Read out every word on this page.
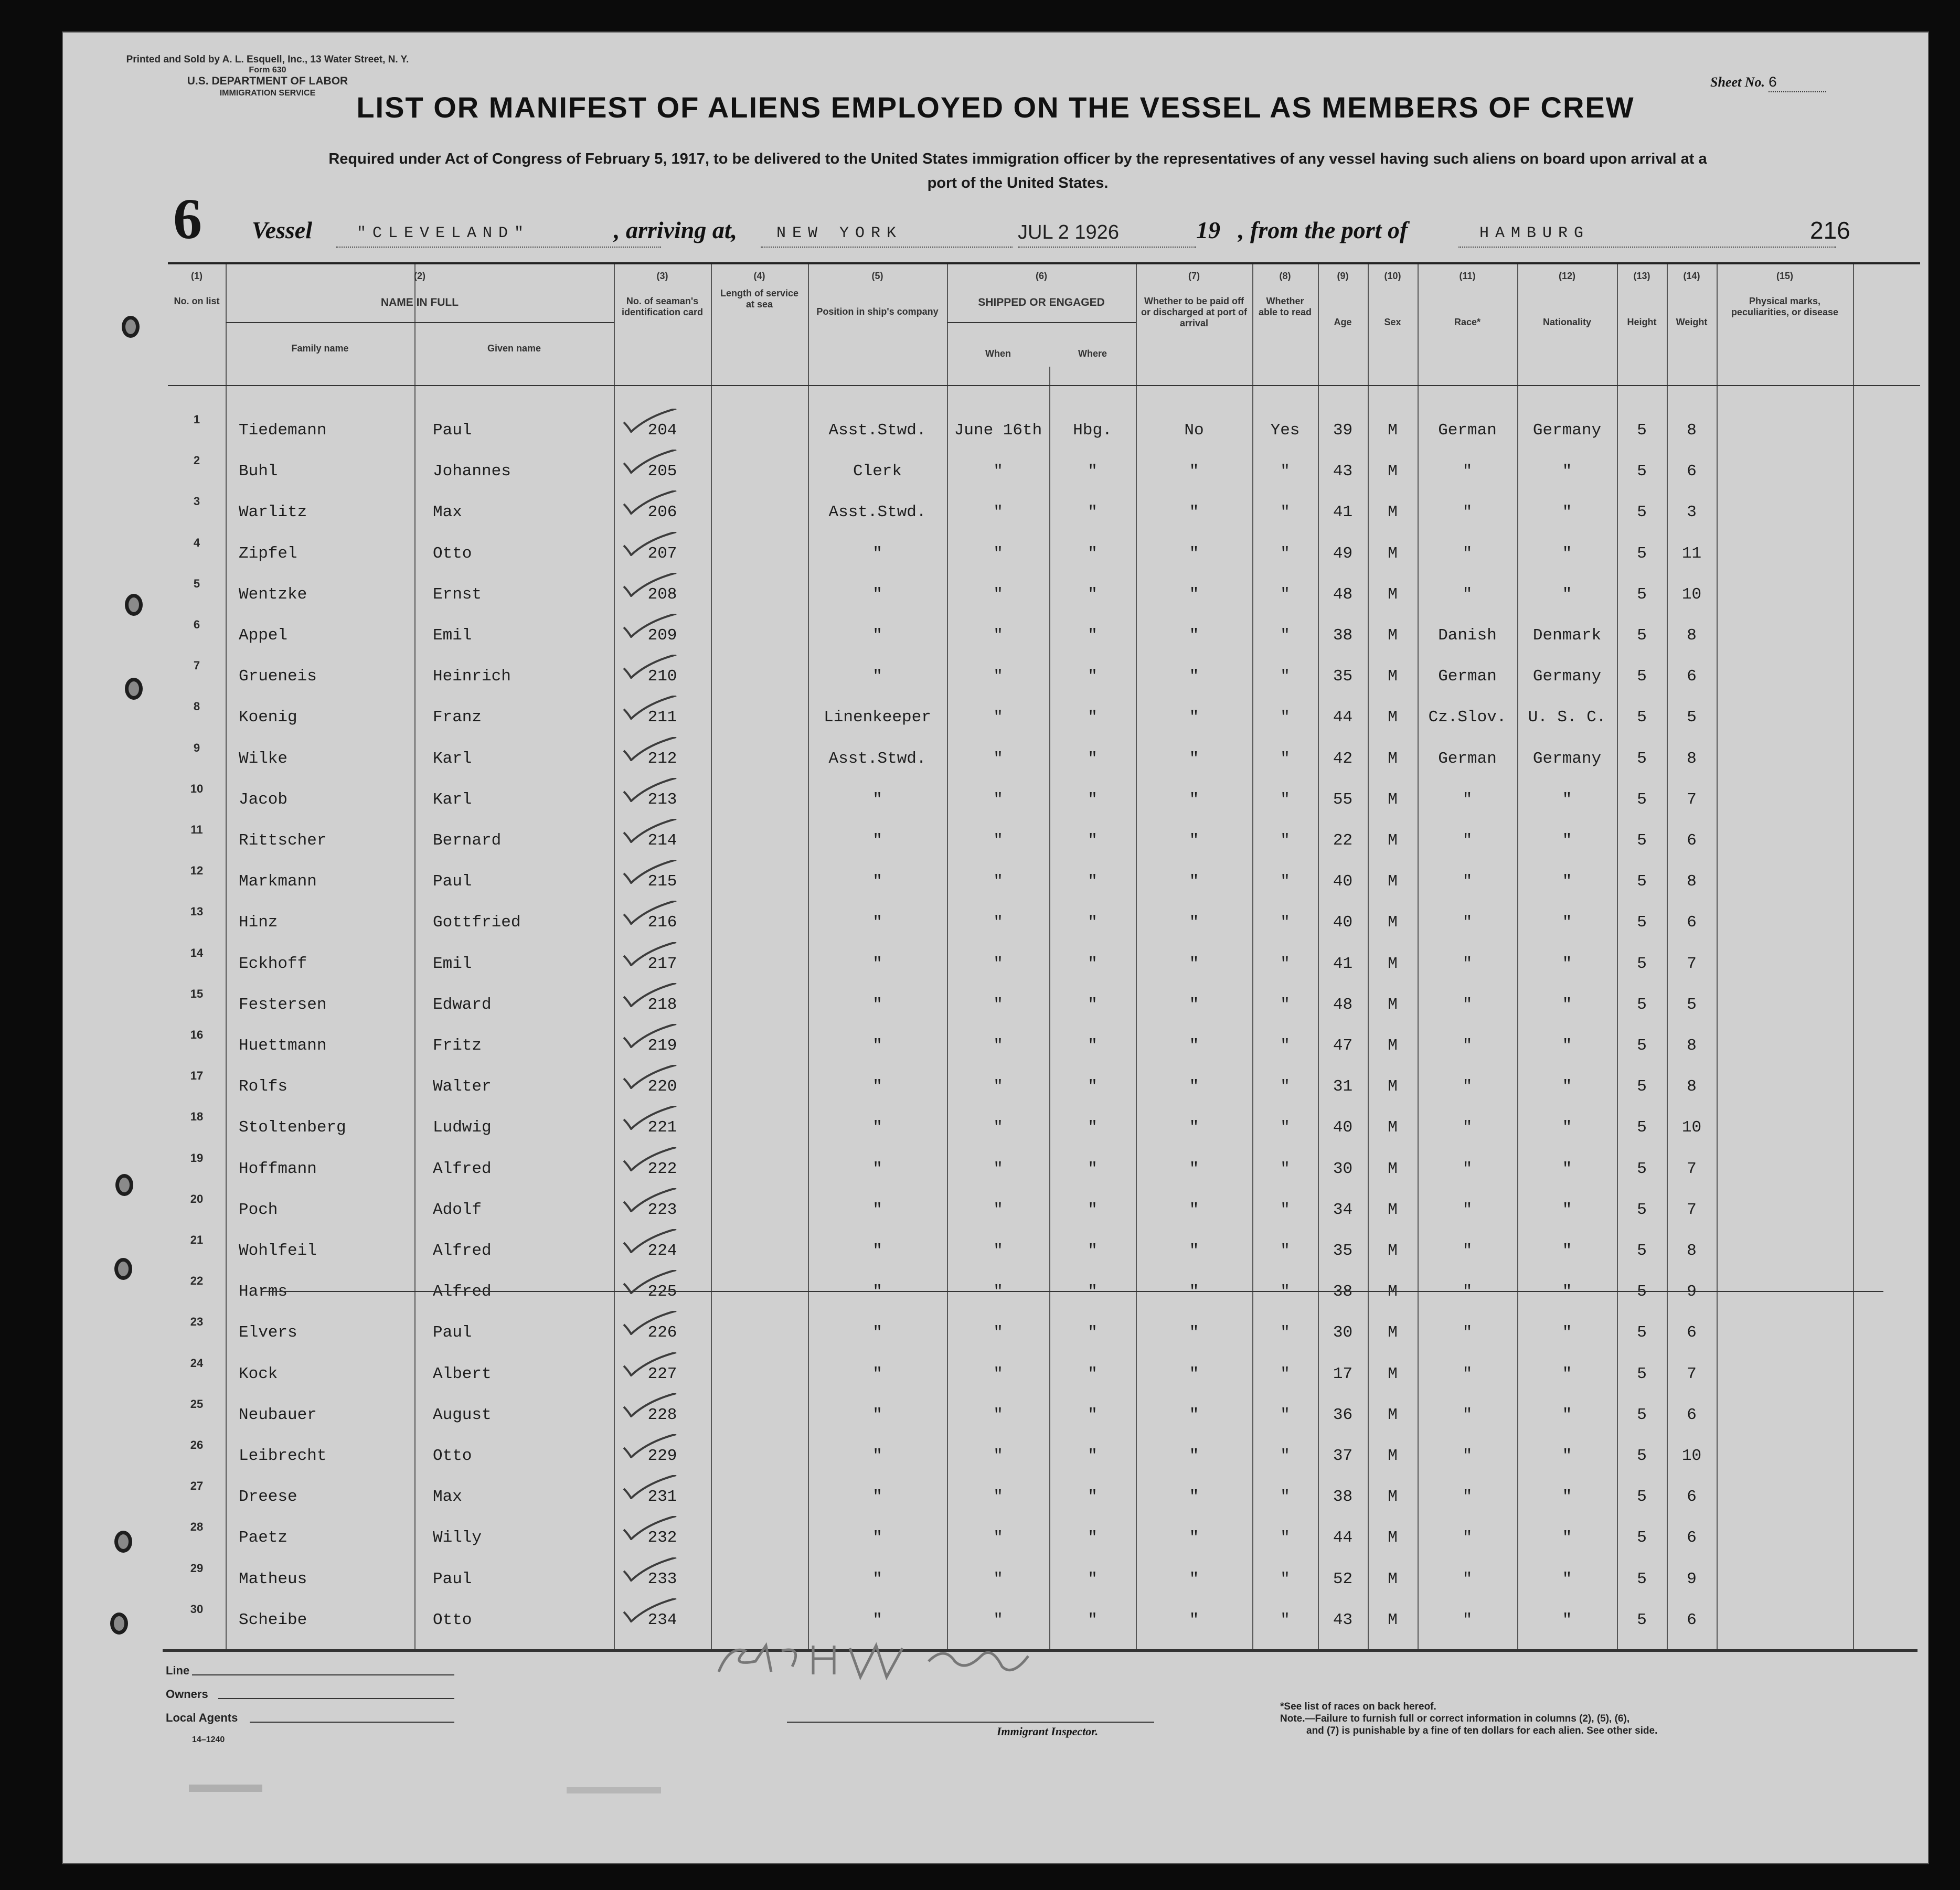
Printed and Sold by A. L. Esquell, Inc., 13 Water Street, N. Y.
Form 630
U.S. DEPARTMENT OF LABOR
IMMIGRATION SERVICE
Sheet No. 6
LIST OR MANIFEST OF ALIENS EMPLOYED ON THE VESSEL AS MEMBERS OF CREW
Required under Act of Congress of February 5, 1917, to be delivered to the United States immigration officer by the representatives of any vessel having such aliens on board upon arrival at a
port of the United States.
6 Vessel	"CLEVELAND"	, arriving at, NEW YORK	JUL 2 1926	19 , from the port of	HAMBURG	216
(1)	(2)	(3)	(4)	(5)	(6)	(7)	(8)	(9)	(10)	(11)	(12)	(13)	(14)	(15)
No. on list	NAME IN FULL
Family name	Given name
No. of seaman's identification card
Length of service at sea
Position in ship's company
SHIPPED OR ENGAGED
When	Where
Whether to be paid off or discharged at port of arrival
Whether able to read
Age	Sex	Race*	Nationality	Height	Weight
Physical marks, peculiarities, or disease
1
Tiedemann	Paul	204	Asst.Stwd.	June 16th	Hbg.	No	Yes	39	M	German	Germany	5	8
2
Buhl	Johannes	205	Clerk	"	"	"	"	43	M	"	"	5	6
3
Warlitz	Max	206	Asst.Stwd.	"	"	"	"	41	M	"	"	5	3
4
Zipfel	Otto	207	"	"	"	"	"	49	M	"	"	5	11
5
Wentzke	Ernst	208	"	"	"	"	"	48	M	"	"	5	10
6
Appel	Emil	209	"	"	"	"	"	38	M	Danish	Denmark	5	8
7
Grueneis	Heinrich	210	"	"	"	"	"	35	M	German	Germany	5	6
8
Koenig	Franz	211	Linenkeeper	"	"	"	"	44	M	Cz.Slov.	U. S. C.	5	5
9
Wilke	Karl	212	Asst.Stwd.	"	"	"	"	42	M	German	Germany	5	8
10
Jacob	Karl	213	"	"	"	"	"	55	M	"	"	5	7
11
Rittscher	Bernard	214	"	"	"	"	"	22	M	"	"	5	6
12
Markmann	Paul	215	"	"	"	"	"	40	M	"	"	5	8
13
Hinz	Gottfried	216	"	"	"	"	"	40	M	"	"	5	6
14
Eckhoff	Emil	217	"	"	"	"	"	41	M	"	"	5	7
15
Festersen	Edward	218	"	"	"	"	"	48	M	"	"	5	5
16
Huettmann	Fritz	219	"	"	"	"	"	47	M	"	"	5	8
17
Rolfs	Walter	220	"	"	"	"	"	31	M	"	"	5	8
18
Stoltenberg	Ludwig	221	"	"	"	"	"	40	M	"	"	5	10
19
Hoffmann	Alfred	222	"	"	"	"	"	30	M	"	"	5	7
20
Poch	Adolf	223	"	"	"	"	"	34	M	"	"	5	7
21
Wohlfeil	Alfred	224	"	"	"	"	"	35	M	"	"	5	8
22
Harms	Alfred	225	"	"	"	"	"	38	M	"	"	5	9
23
Elvers	Paul	226	"	"	"	"	"	30	M	"	"	5	6
24
Kock	Albert	227	"	"	"	"	"	17	M	"	"	5	7
25
Neubauer	August	228	"	"	"	"	"	36	M	"	"	5	6
26
Leibrecht	Otto	229	"	"	"	"	"	37	M	"	"	5	10
27
Dreese	Max	231	"	"	"	"	"	38	M	"	"	5	6
28
Paetz	Willy	232	"	"	"	"	"	44	M	"	"	5	6
29
Matheus	Paul	233	"	"	"	"	"	52	M	"	"	5	9
30
Scheibe	Otto	234	"	"	"	"	"	43	M	"	"	5	6
Line
Owners
Local Agents
14–1240
Immigrant Inspector.
*See list of races on back hereof.
Note.—Failure to furnish full or correct information in columns (2), (5), (6),
and (7) is punishable by a fine of ten dollars for each alien. See other side.
